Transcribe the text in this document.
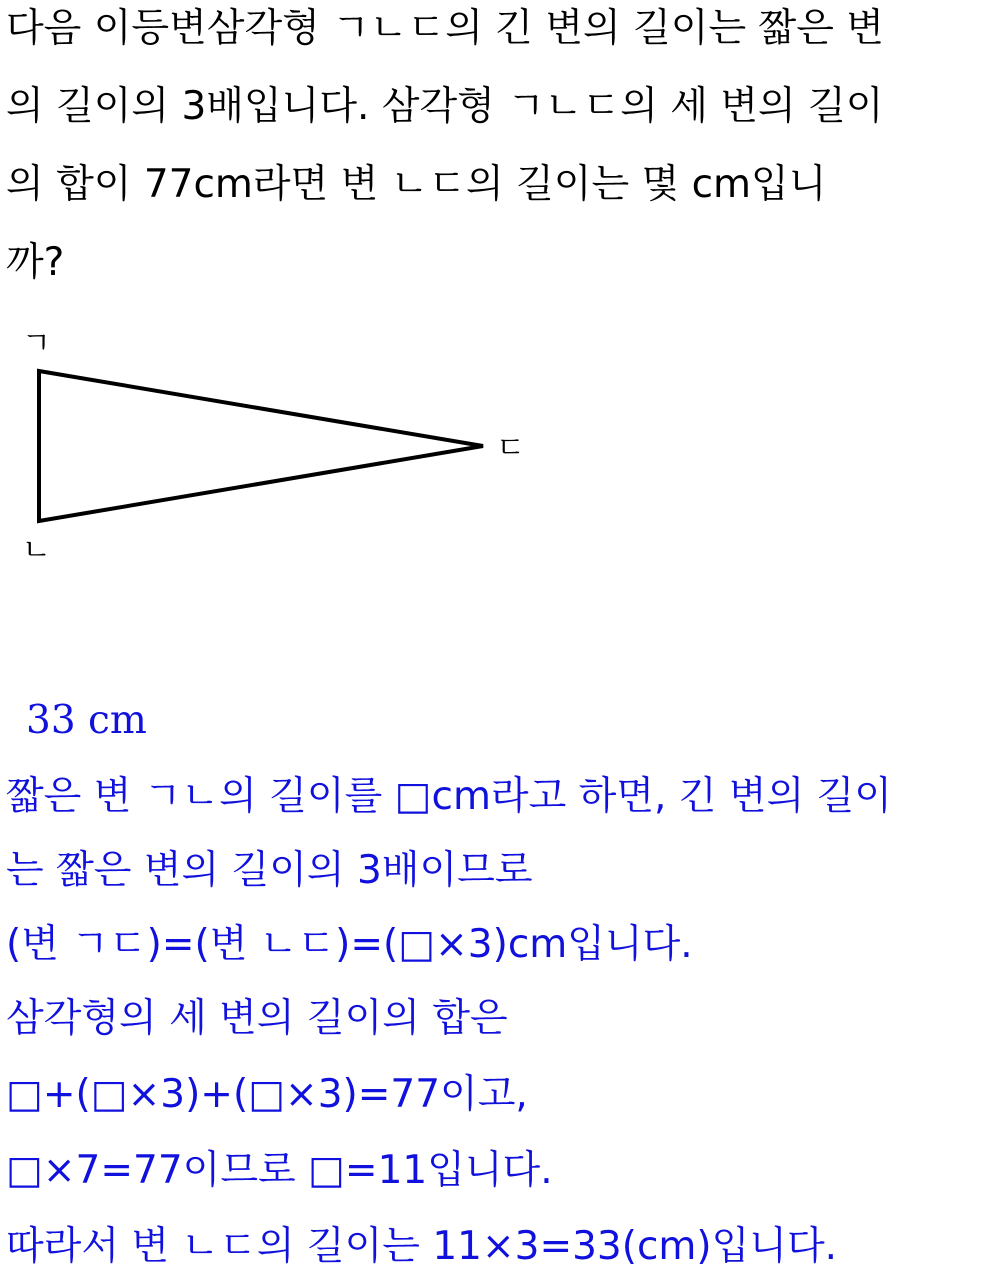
다음 이등변삼각형 ㄱㄴㄷ의 긴 변의 길이는 짧은 변
의 길이의 3배입니다. 삼각형 ㄱㄴㄷ의 세 변의 길이
의 합이 77cm라면 변 ㄴㄷ의 길이는 몇 cm입니
까?
ㄱ
ㄴ
ㄷ
33 cm
짧은 변 ㄱㄴ의 길이를 □cm라고 하면, 긴 변의 길이
는 짧은 변의 길이의 3배이므로
(변 ㄱㄷ)=(변 ㄴㄷ)=(□×3)cm입니다.
삼각형의 세 변의 길이의 합은
□+(□×3)+(□×3)=77이고,
□×7=77이므로 □=11입니다.
따라서 변 ㄴㄷ의 길이는 11×3=33(cm)입니다.
